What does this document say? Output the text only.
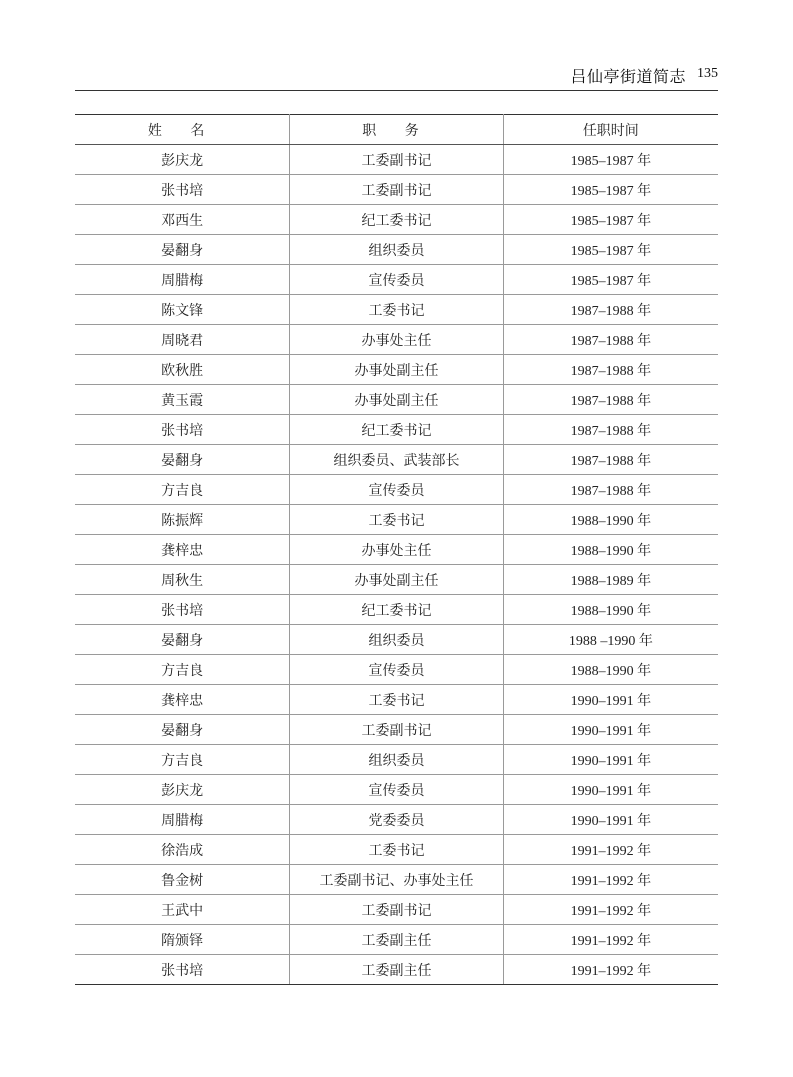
吕仙亭街道简志 135
姓 名	职 务	任职时间
彭庆龙	工委副书记	1985–1987 年
张书培	工委副书记	1985–1987 年
邓西生	纪工委书记	1985–1987 年
晏翻身	组织委员	1985–1987 年
周腊梅	宣传委员	1985–1987 年
陈文锋	工委书记	1987–1988 年
周晓君	办事处主任	1987–1988 年
欧秋胜	办事处副主任	1987–1988 年
黄玉霞	办事处副主任	1987–1988 年
张书培	纪工委书记	1987–1988 年
晏翻身	组织委员、武装部长	1987–1988 年
方吉良	宣传委员	1987–1988 年
陈振辉	工委书记	1988–1990 年
龚梓忠	办事处主任	1988–1990 年
周秋生	办事处副主任	1988–1989 年
张书培	纪工委书记	1988–1990 年
晏翻身	组织委员	1988 –1990 年
方吉良	宣传委员	1988–1990 年
龚梓忠	工委书记	1990–1991 年
晏翻身	工委副书记	1990–1991 年
方吉良	组织委员	1990–1991 年
彭庆龙	宣传委员	1990–1991 年
周腊梅	党委委员	1990–1991 年
徐浩成	工委书记	1991–1992 年
鲁金树	工委副书记、办事处主任	1991–1992 年
王武中	工委副书记	1991–1992 年
隋颁铎	工委副主任	1991–1992 年
张书培	工委副主任	1991–1992 年
